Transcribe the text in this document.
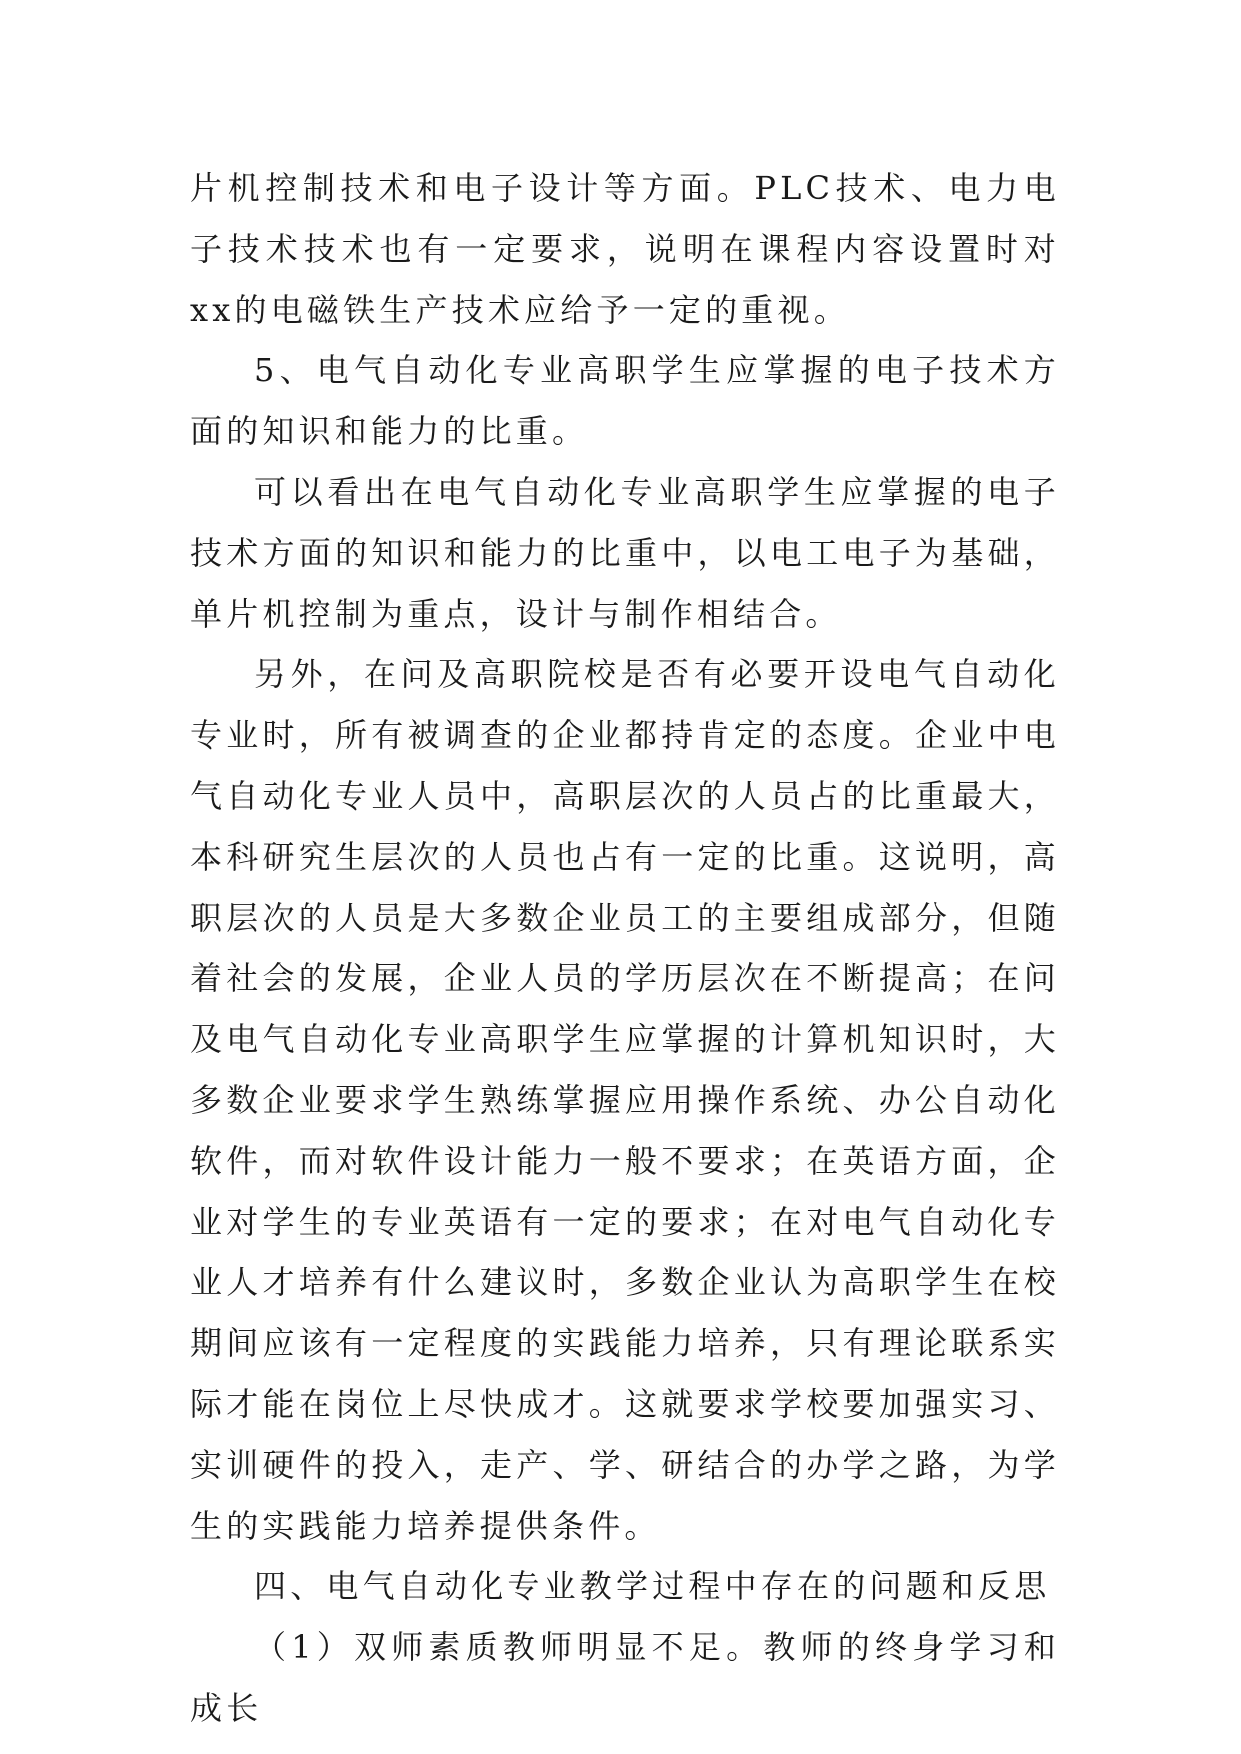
片机控制技术和电子设计等方面。PLC技术、电力电子技术技术也有一定要求，说明在课程内容设置时对xx的电磁铁生产技术应给予一定的重视。

5、电气自动化专业高职学生应掌握的电子技术方面的知识和能力的比重。

可以看出在电气自动化专业高职学生应掌握的电子技术方面的知识和能力的比重中，以电工电子为基础，单片机控制为重点，设计与制作相结合。

另外，在问及高职院校是否有必要开设电气自动化专业时，所有被调查的企业都持肯定的态度。企业中电气自动化专业人员中，高职层次的人员占的比重最大，本科研究生层次的人员也占有一定的比重。这说明，高职层次的人员是大多数企业员工的主要组成部分，但随着社会的发展，企业人员的学历层次在不断提高；在问及电气自动化专业高职学生应掌握的计算机知识时，大多数企业要求学生熟练掌握应用操作系统、办公自动化软件，而对软件设计能力一般不要求；在英语方面，企业对学生的专业英语有一定的要求；在对电气自动化专业人才培养有什么建议时，多数企业认为高职学生在校期间应该有一定程度的实践能力培养，只有理论联系实际才能在岗位上尽快成才。这就要求学校要加强实习、实训硬件的投入，走产、学、研结合的办学之路，为学生的实践能力培养提供条件。

四、电气自动化专业教学过程中存在的问题和反思

（1）双师素质教师明显不足。教师的终身学习和成长
